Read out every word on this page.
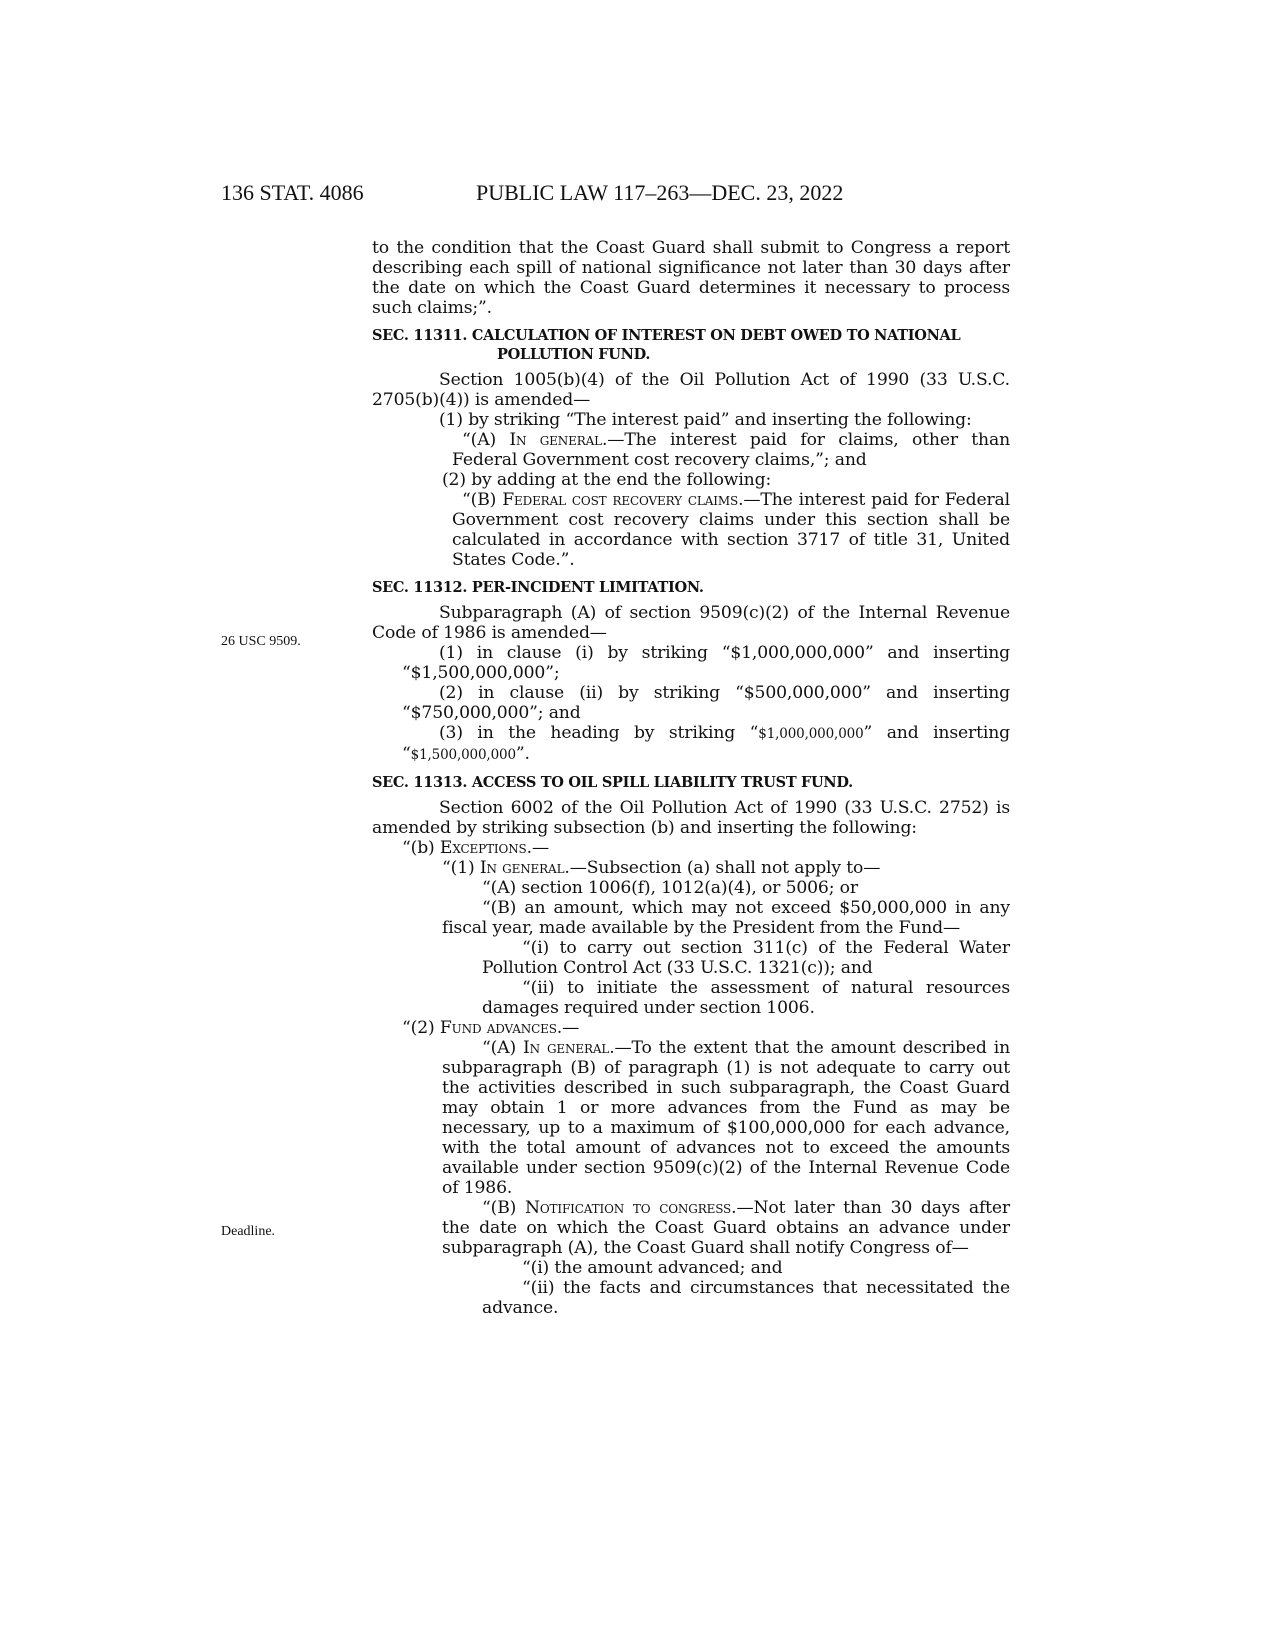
136 STAT. 4086	PUBLIC LAW 117–263—DEC. 23, 2022
26 USC 9509.
Deadline.

to the condition that the Coast Guard shall submit to Congress a report describing each spill of national significance not later than 30 days after the date on which the Coast Guard determines it necessary to process such claims;”.

SEC. 11311. CALCULATION OF INTEREST ON DEBT OWED TO NATIONAL
POLLUTION FUND.

Section 1005(b)(4) of the Oil Pollution Act of 1990 (33 U.S.C. 2705(b)(4)) is amended—

(1) by striking “The interest paid” and inserting the following:

“(A) In general.—The interest paid for claims, other than Federal Government cost recovery claims,”; and

(2) by adding at the end the following:

“(B) Federal cost recovery claims.—The interest paid for Federal Government cost recovery claims under this section shall be calculated in accordance with section 3717 of title 31, United States Code.”.

SEC. 11312. PER-INCIDENT LIMITATION.

Subparagraph (A) of section 9509(c)(2) of the Internal Revenue Code of 1986 is amended—

(1) in clause (i) by striking “$1,000,000,000” and inserting “$1,500,000,000”;

(2) in clause (ii) by striking “$500,000,000” and inserting “$750,000,000”; and

(3) in the heading by striking “$1,000,000,000” and inserting “$1,500,000,000”.

SEC. 11313. ACCESS TO OIL SPILL LIABILITY TRUST FUND.

Section 6002 of the Oil Pollution Act of 1990 (33 U.S.C. 2752) is amended by striking subsection (b) and inserting the following:

“(b) Exceptions.—

“(1) In general.—Subsection (a) shall not apply to—

“(A) section 1006(f), 1012(a)(4), or 5006; or

“(B) an amount, which may not exceed $50,000,000 in any fiscal year, made available by the President from the Fund—

“(i) to carry out section 311(c) of the Federal Water Pollution Control Act (33 U.S.C. 1321(c)); and

“(ii) to initiate the assessment of natural resources damages required under section 1006.

“(2) Fund advances.—

“(A) In general.—To the extent that the amount described in subparagraph (B) of paragraph (1) is not adequate to carry out the activities described in such subparagraph, the Coast Guard may obtain 1 or more advances from the Fund as may be necessary, up to a maximum of $100,000,000 for each advance, with the total amount of advances not to exceed the amounts available under section 9509(c)(2) of the Internal Revenue Code of 1986.

“(B) Notification to congress.—Not later than 30 days after the date on which the Coast Guard obtains an advance under subparagraph (A), the Coast Guard shall notify Congress of—

“(i) the amount advanced; and

“(ii) the facts and circumstances that necessitated the advance.
